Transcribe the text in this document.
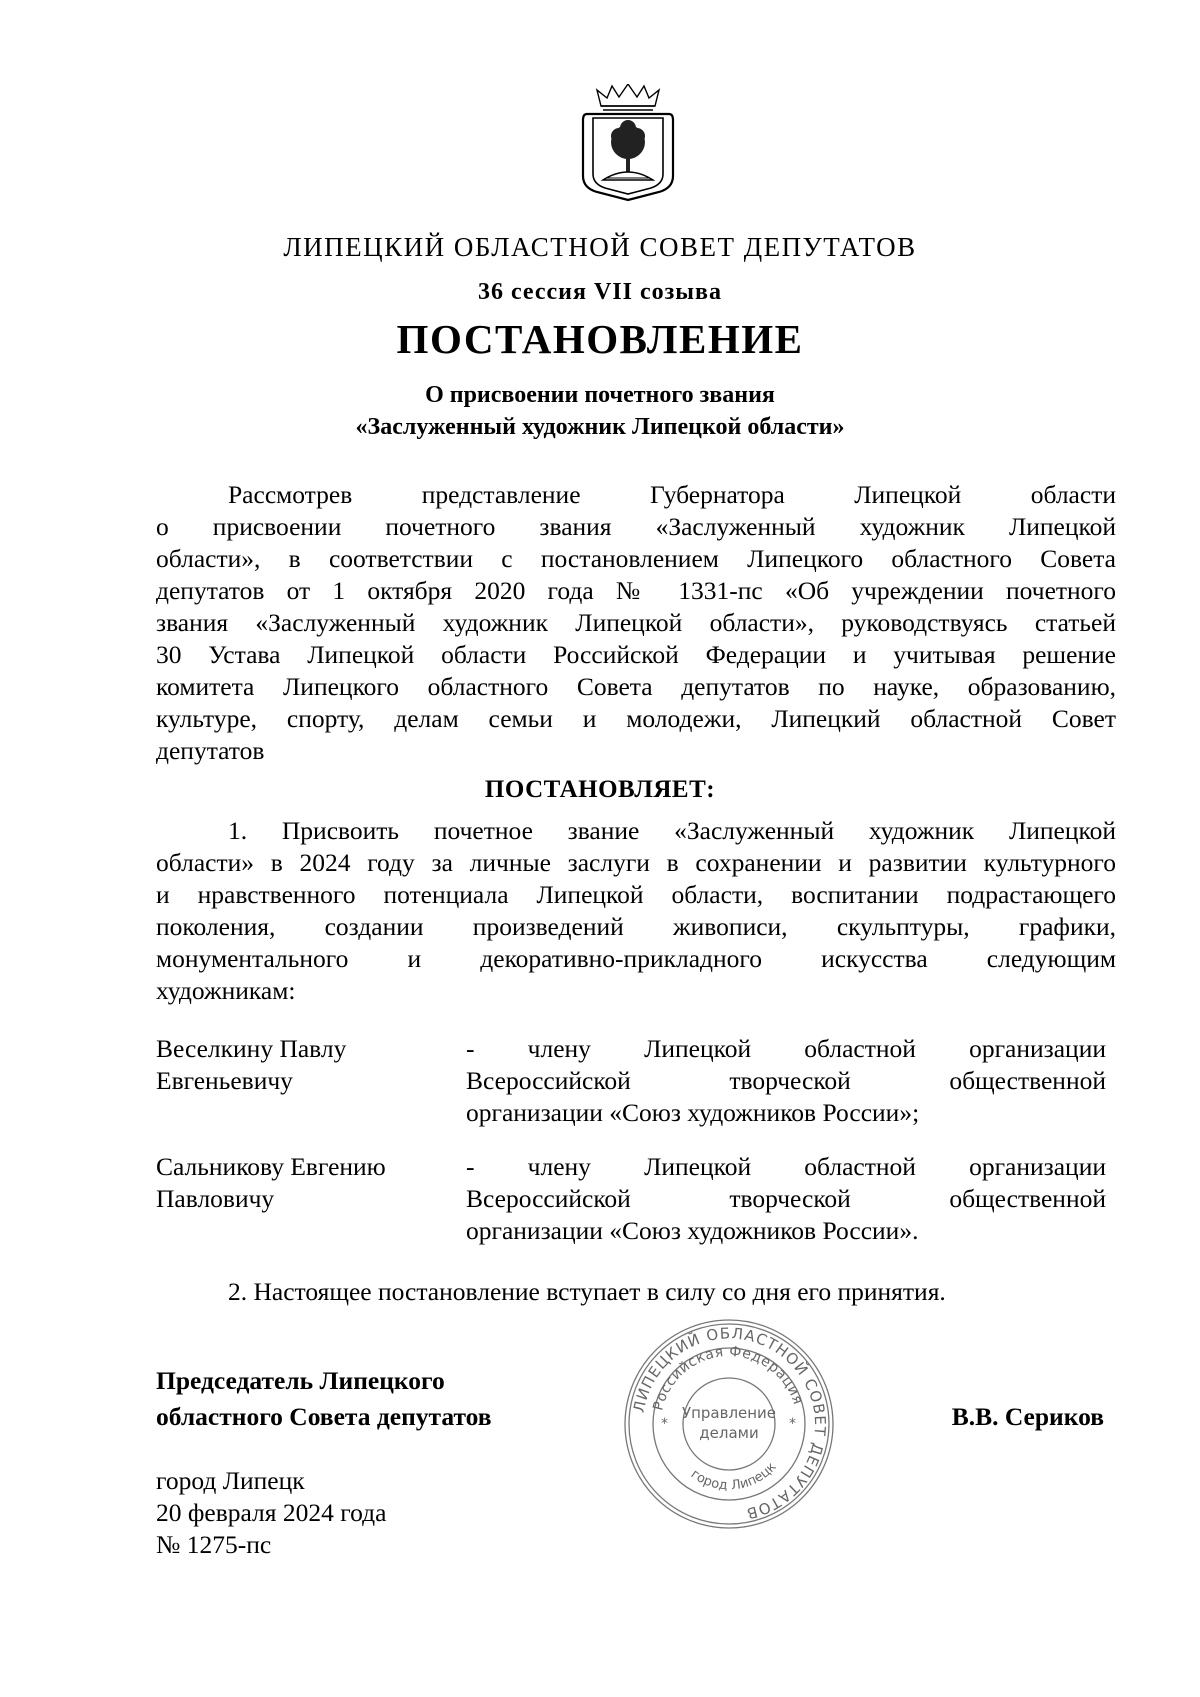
ЛИПЕЦКИЙ ОБЛАСТНОЙ СОВЕТ ДЕПУТАТОВ
36 сессия VII созыва
ПОСТАНОВЛЕНИЕ
О присвоении почетного звания
«Заслуженный художник Липецкой области»
Рассмотрев представление Губернатора Липецкой области
о присвоении почетного звания «Заслуженный художник Липецкой
области», в соответствии с постановлением Липецкого областного Совета
депутатов от 1 октября 2020 года № 1331-пс «Об учреждении почетного
звания «Заслуженный художник Липецкой области», руководствуясь статьей
30 Устава Липецкой области Российской Федерации и учитывая решение
комитета Липецкого областного Совета депутатов по науке, образованию,
культуре, спорту, делам семьи и молодежи, Липецкий областной Совет
депутатов
ПОСТАНОВЛЯЕТ:
1. Присвоить почетное звание «Заслуженный художник Липецкой
области» в 2024 году за личные заслуги в сохранении и развитии культурного
и нравственного потенциала Липецкой области, воспитании подрастающего
поколения, создании произведений живописи, скульптуры, графики,
монументального и декоративно-прикладного искусства следующим
художникам:
Веселкину Павлу
Евгеньевичу
- члену Липецкой областной организации
Всероссийской творческой общественной
организации «Союз художников России»;
Сальникову Евгению
Павловичу
- члену Липецкой областной организации
Всероссийской творческой общественной
организации «Союз художников России».
2. Настоящее постановление вступает в силу со дня его принятия.
Председатель Липецкого
областного Совета депутатов	В.В. Сериков
ЛИПЕЦКИЙ ОБЛАСТНОЙ СОВЕТ ДЕПУТАТОВ
Российская Федерация
город Липецк
Управление
делами
*	*
город Липецк
20 февраля 2024 года
№ 1275-пс
